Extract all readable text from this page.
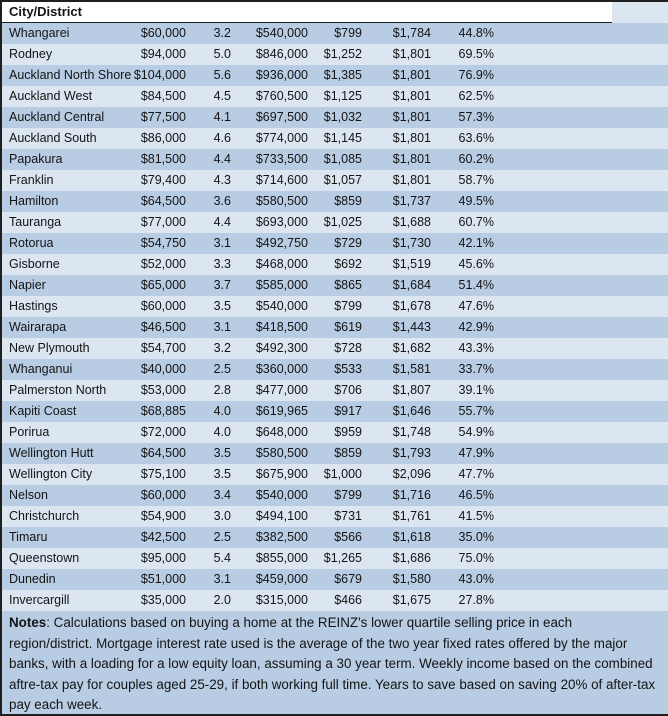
City/District
Whangarei	$60,000	3.2	$540,000	$799	$1,784	44.8%
Rodney	$94,000	5.0	$846,000	$1,252	$1,801	69.5%
Auckland North Shore $104,000	5.6	$936,000	$1,385	$1,801	76.9%
Auckland West	$84,500	4.5	$760,500	$1,125	$1,801	62.5%
Auckland Central	$77,500	4.1	$697,500	$1,032	$1,801	57.3%
Auckland South	$86,000	4.6	$774,000	$1,145	$1,801	63.6%
Papakura	$81,500	4.4	$733,500	$1,085	$1,801	60.2%
Franklin	$79,400	4.3	$714,600	$1,057	$1,801	58.7%
Hamilton	$64,500	3.6	$580,500	$859	$1,737	49.5%
Tauranga	$77,000	4.4	$693,000	$1,025	$1,688	60.7%
Rotorua	$54,750	3.1	$492,750	$729	$1,730	42.1%
Gisborne	$52,000	3.3	$468,000	$692	$1,519	45.6%
Napier	$65,000	3.7	$585,000	$865	$1,684	51.4%
Hastings	$60,000	3.5	$540,000	$799	$1,678	47.6%
Wairarapa	$46,500	3.1	$418,500	$619	$1,443	42.9%
New Plymouth	$54,700	3.2	$492,300	$728	$1,682	43.3%
Whanganui	$40,000	2.5	$360,000	$533	$1,581	33.7%
Palmerston North	$53,000	2.8	$477,000	$706	$1,807	39.1%
Kapiti Coast	$68,885	4.0	$619,965	$917	$1,646	55.7%
Porirua	$72,000	4.0	$648,000	$959	$1,748	54.9%
Wellington Hutt	$64,500	3.5	$580,500	$859	$1,793	47.9%
Wellington City	$75,100	3.5	$675,900	$1,000	$2,096	47.7%
Nelson	$60,000	3.4	$540,000	$799	$1,716	46.5%
Christchurch	$54,900	3.0	$494,100	$731	$1,761	41.5%
Timaru	$42,500	2.5	$382,500	$566	$1,618	35.0%
Queenstown	$95,000	5.4	$855,000	$1,265	$1,686	75.0%
Dunedin	$51,000	3.1	$459,000	$679	$1,580	43.0%
Invercargill	$35,000	2.0	$315,000	$466	$1,675	27.8%
Notes: Calculations based on buying a home at the REINZ's lower quartile selling price in each region/district. Mortgage interest rate used is the average of the two year fixed rates offered by the major banks, with a loading for a low equity loan, assuming a 30 year term. Weekly income based on the combined aftre-tax pay for couples aged 25-29, if both working full time. Years to save based on saving 20% of after-tax pay each week.
